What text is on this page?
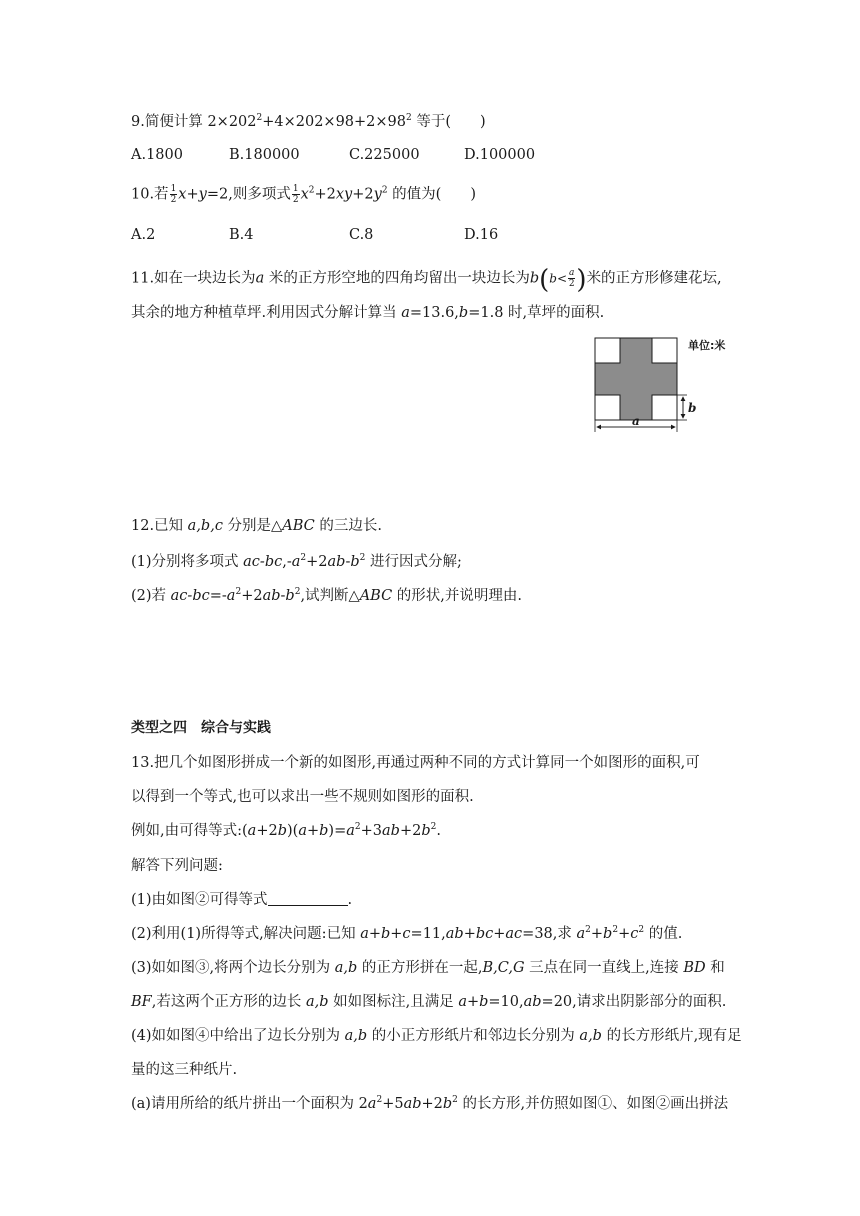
9.简便计算 $2\times 202^2+4\times 202\times 98+2\times 98^2$ 等于(　　)
A.1800	B.180000	C.225000	D.100000
10.若 $\frac{1}{2} x+y=2$,则多项式 $\frac{1}{2} x^2+2xy+2y^2$ 的值为(　　)
A.2	B.4	C.8	D.16
11.如在一块边长为a 米的正方形空地的四角均留出一块边长为$b(b< \frac{a}{2}$ )米的正方形修建花坛,
其余的地方种植草坪.利用因式分解计算当 a=13.6,b=1.8 时,草坪的面积.
b
a
单位:米
12.已知 a,b,c 分别是△ABC 的三边长.
(1)分别将多项式 $ac-bc,-a^2+2ab-b^2$ 进行因式分解;
(2)若 $ac-bc=-a^2+2ab-b^2$,试判断△ABC 的形状,并说明理由.
类型之四　综合与实践
13.把几个如图形拼成一个新的如图形,再通过两种不同的方式计算同一个如图形的面积,可
以得到一个等式,也可以求出一些不规则如图形的面积.
例如,由可得等式$:(a+2b)(a+b)=a^2+3ab+2b^2$.
解答下列问题:
(1)由如图②可得等式	.
(2)利用(1)所得等式,解决问题:已知 a+b+c=11,ab+bc+ac=38,求 $a^2+b^2+c^2$ 的值.
(3)如如图③,将两个边长分别为 a,b 的正方形拼在一起,B,C,G 三点在同一直线上,连接 BD 和
BF,若这两个正方形的边长 a,b 如如图标注,且满足 a+b=10,ab=20,请求出阴影部分的面积.
(4)如如图④中给出了边长分别为 a,b 的小正方形纸片和邻边长分别为 a,b 的长方形纸片,现有足
量的这三种纸片.
(a)请用所给的纸片拼出一个面积为 $2a^2+5ab+2b^2$ 的长方形,并仿照如图①、如图②画出拼法
